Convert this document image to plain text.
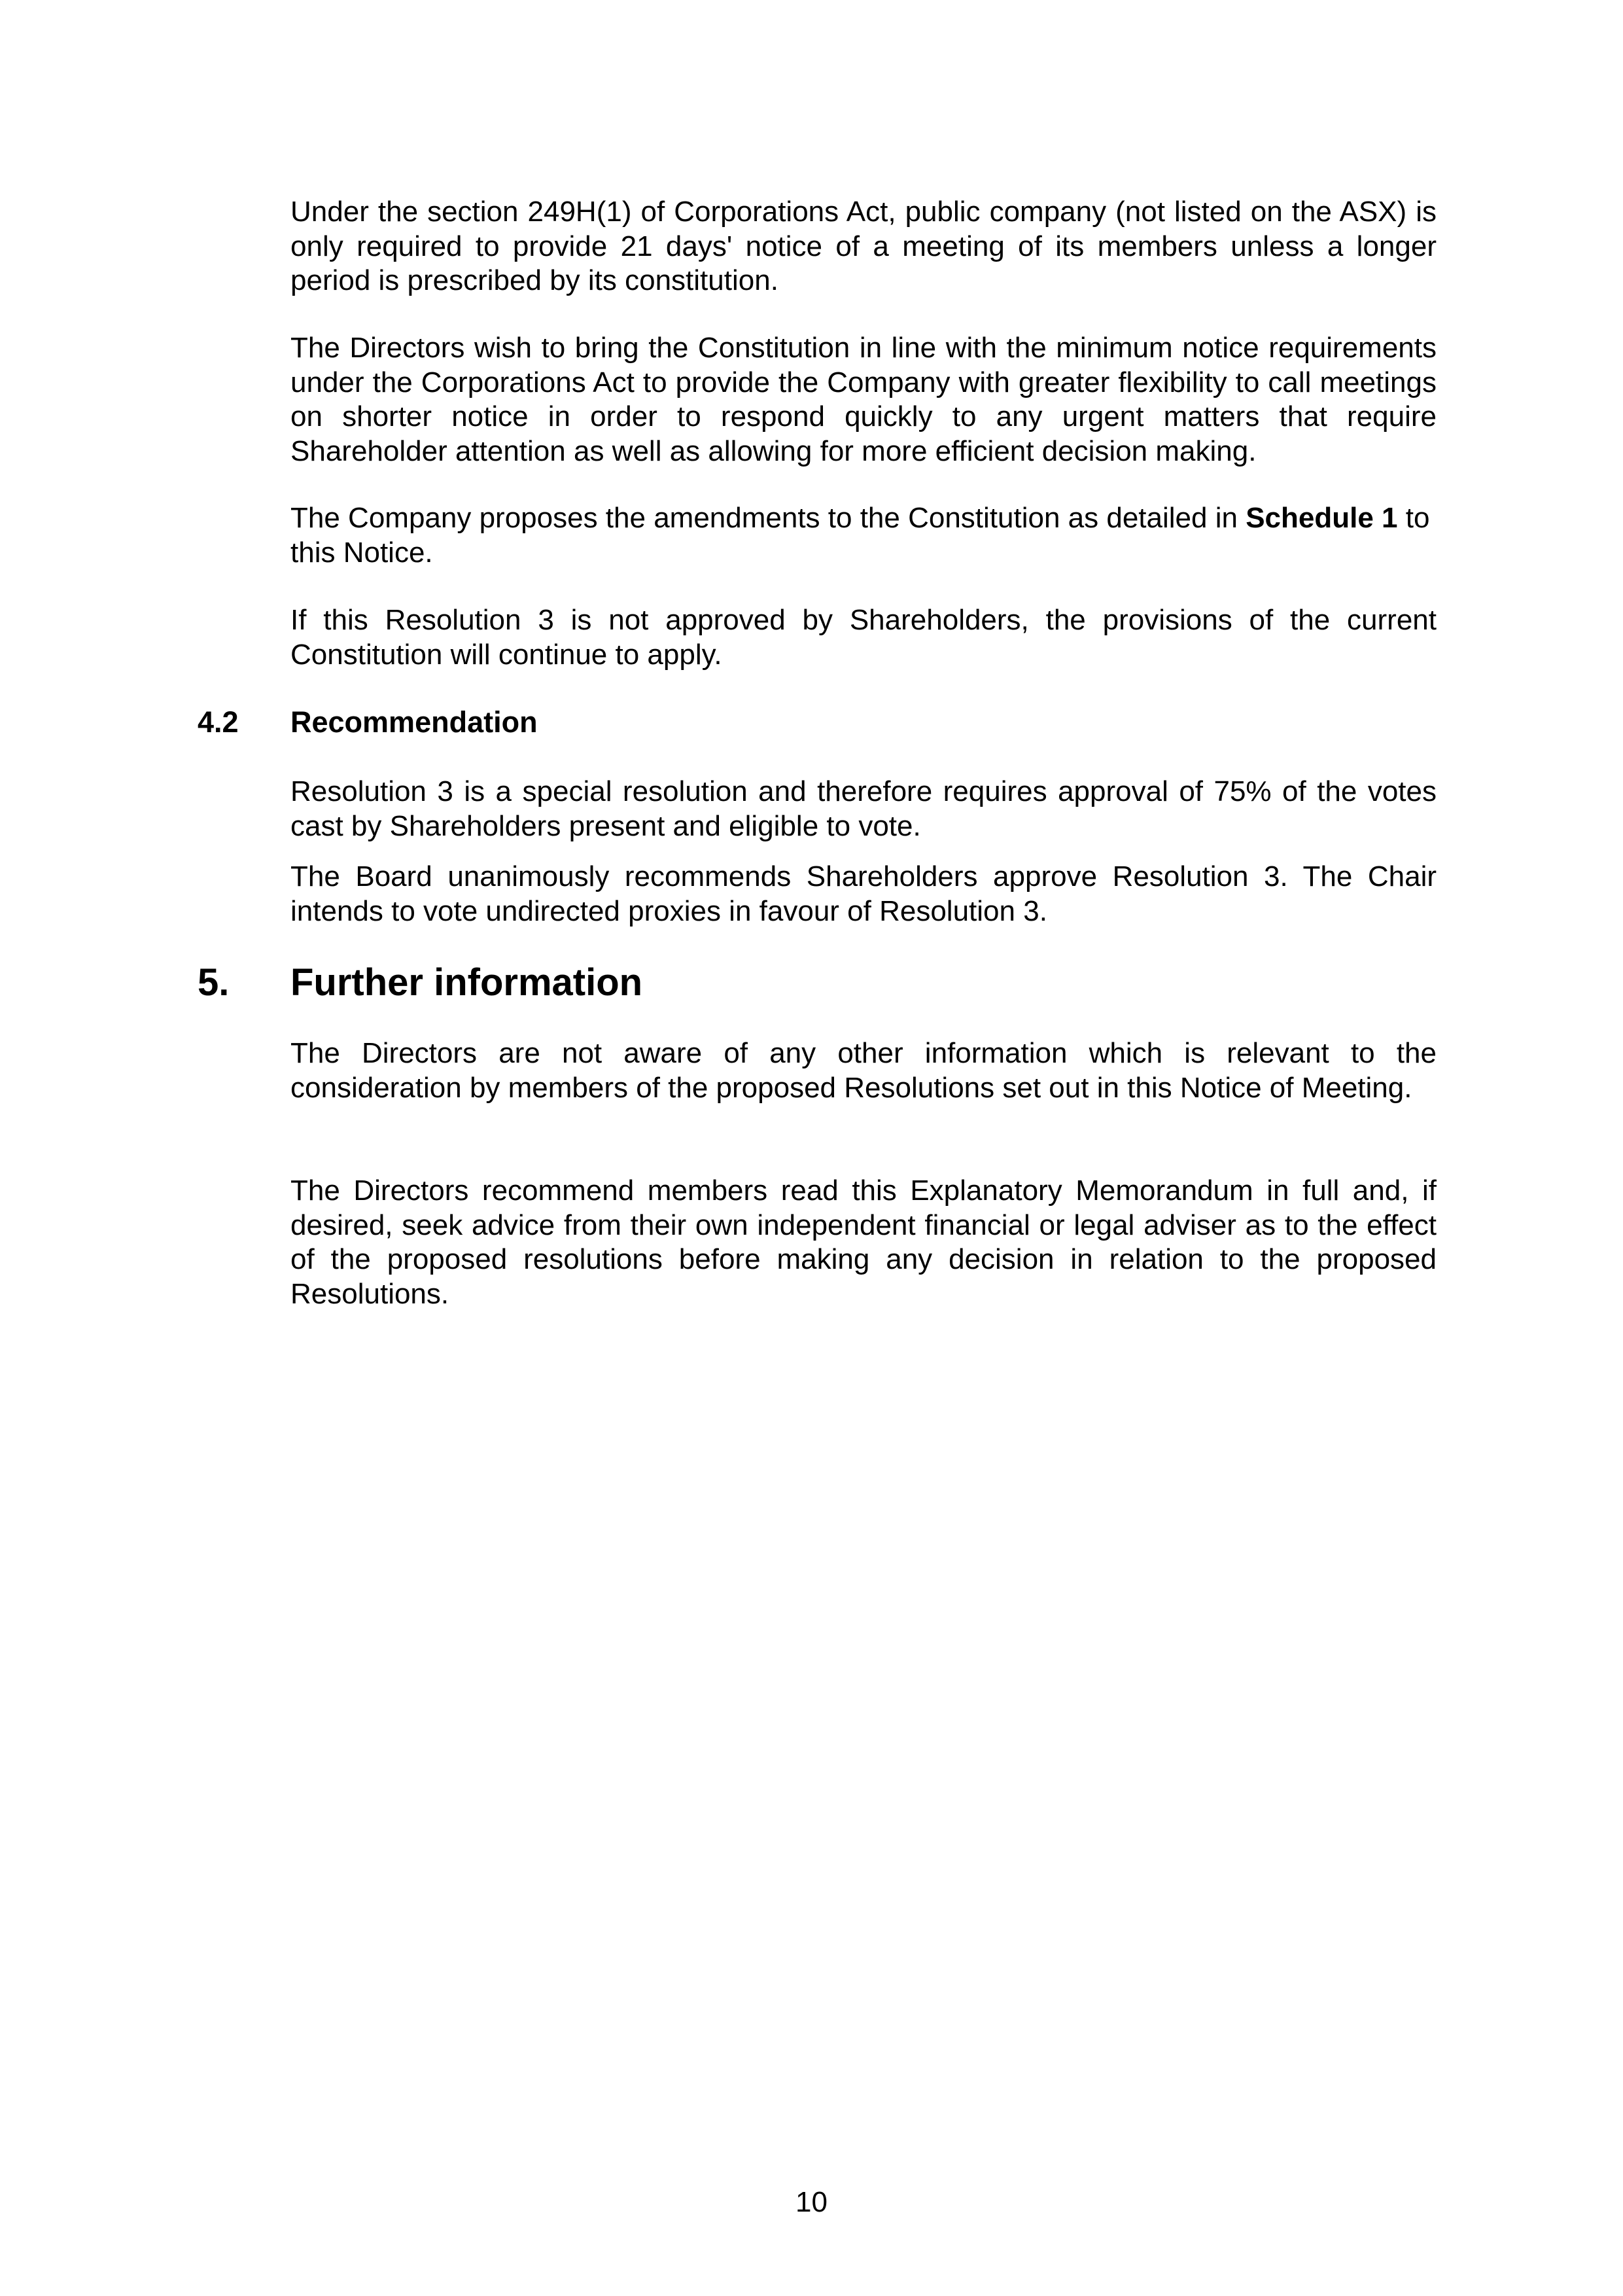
Under the section 249H(1) of Corporations Act, public company (not listed on the ASX) is only required to provide 21 days' notice of a meeting of its members unless a longer period is prescribed by its constitution.

The Directors wish to bring the Constitution in line with the minimum notice requirements under the Corporations Act to provide the Company with greater flexibility to call meetings on shorter notice in order to respond quickly to any urgent matters that require Shareholder attention as well as allowing for more efficient decision making.

The Company proposes the amendments to the Constitution as detailed in Schedule 1 to this Notice.

If this Resolution 3 is not approved by Shareholders, the provisions of the current Constitution will continue to apply.

4.2 Recommendation

Resolution 3 is a special resolution and therefore requires approval of 75% of the votes cast by Shareholders present and eligible to vote.

The Board unanimously recommends Shareholders approve Resolution 3. The Chair intends to vote undirected proxies in favour of Resolution 3.

5. Further information

The Directors are not aware of any other information which is relevant to the consideration by members of the proposed Resolutions set out in this Notice of Meeting.

The Directors recommend members read this Explanatory Memorandum in full and, if desired, seek advice from their own independent financial or legal adviser as to the effect of the proposed resolutions before making any decision in relation to the proposed Resolutions.

10
